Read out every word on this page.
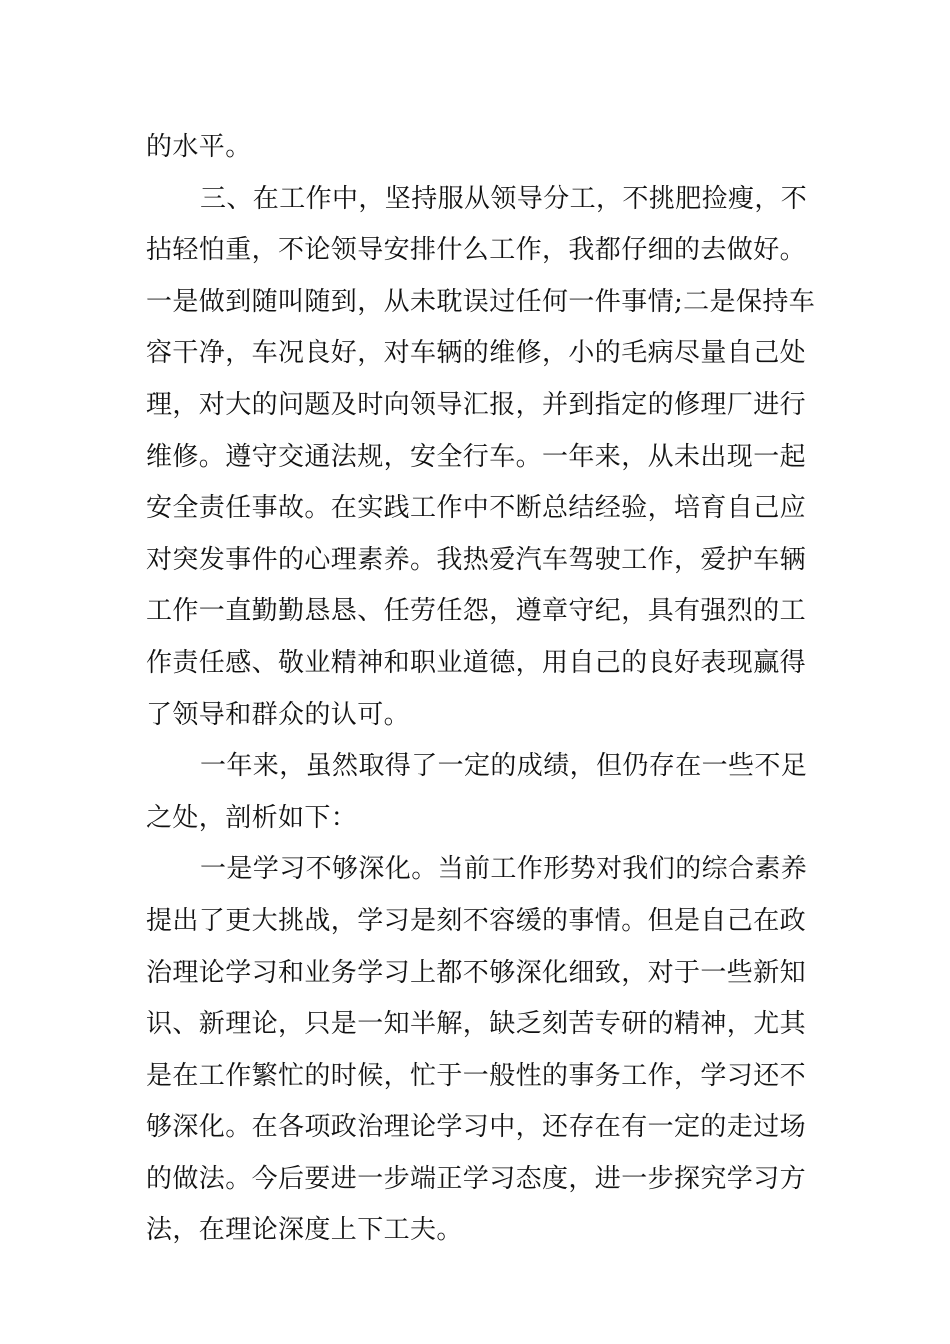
的水平。
三、在工作中，坚持服从领导分工，不挑肥捡瘦，不
拈轻怕重，不论领导安排什么工作，我都仔细的去做好。
一是做到随叫随到，从未耽误过任何一件事情;二是保持车
容干净，车况良好，对车辆的维修，小的毛病尽量自己处
理，对大的问题及时向领导汇报，并到指定的修理厂进行
维修。遵守交通法规，安全行车。一年来，从未出现一起
安全责任事故。在实践工作中不断总结经验，培育自己应
对突发事件的心理素养。我热爱汽车驾驶工作，爱护车辆
工作一直勤勤恳恳、任劳任怨，遵章守纪，具有强烈的工
作责任感、敬业精神和职业道德，用自己的良好表现赢得
了领导和群众的认可。
一年来，虽然取得了一定的成绩，但仍存在一些不足
之处，剖析如下：
一是学习不够深化。当前工作形势对我们的综合素养
提出了更大挑战，学习是刻不容缓的事情。但是自己在政
治理论学习和业务学习上都不够深化细致，对于一些新知
识、新理论，只是一知半解，缺乏刻苦专研的精神，尤其
是在工作繁忙的时候，忙于一般性的事务工作，学习还不
够深化。在各项政治理论学习中，还存在有一定的走过场
的做法。今后要进一步端正学习态度，进一步探究学习方
法，在理论深度上下工夫。
